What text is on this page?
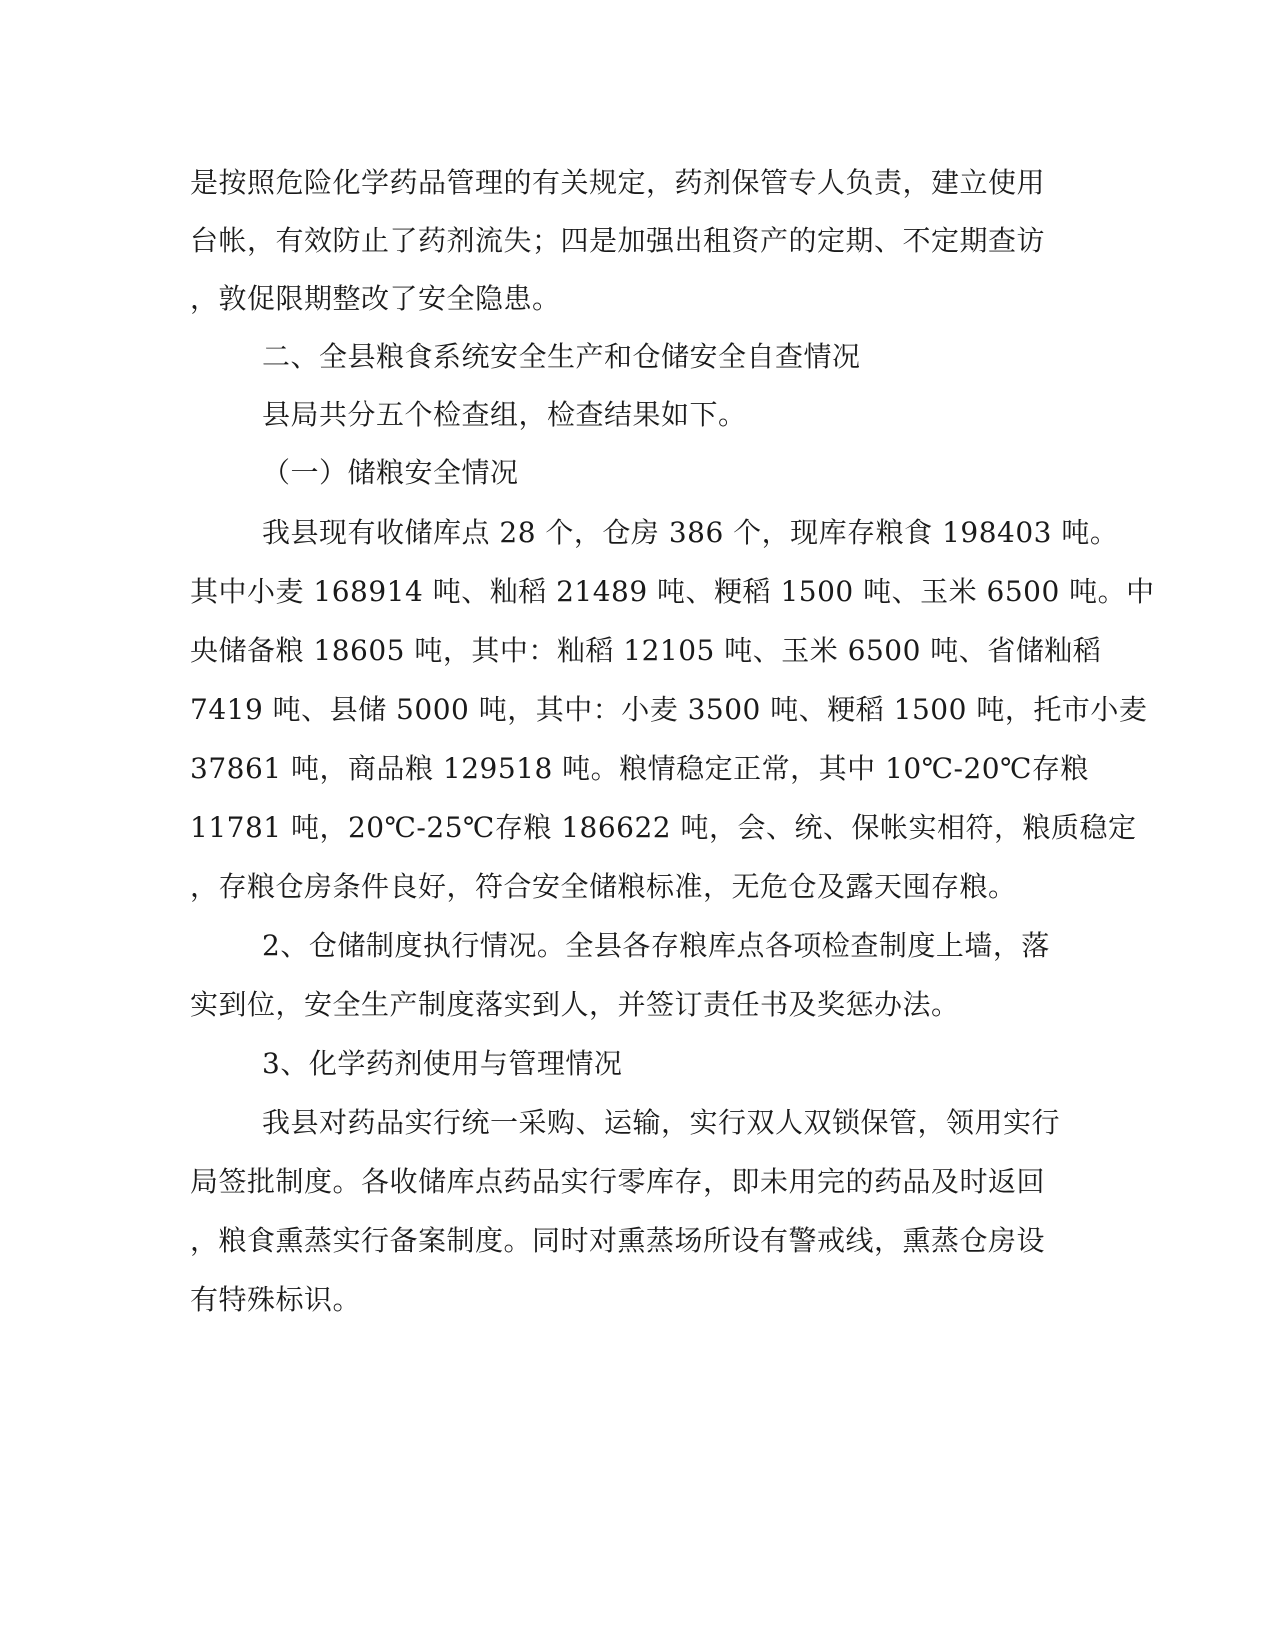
是按照危险化学药品管理的有关规定，药剂保管专人负责，建立使用
台帐，有效防止了药剂流失；四是加强出租资产的定期、不定期查访
，敦促限期整改了安全隐患。
二、全县粮食系统安全生产和仓储安全自查情况
县局共分五个检查组，检查结果如下。
（一）储粮安全情况
我县现有收储库点 28 个，仓房 386 个，现库存粮食 198403 吨。
其中小麦 168914 吨、籼稻 21489 吨、粳稻 1500 吨、玉米 6500 吨。中
央储备粮 18605 吨，其中：籼稻 12105 吨、玉米 6500 吨、省储籼稻
7419 吨、县储 5000 吨，其中：小麦 3500 吨、粳稻 1500 吨，托市小麦
37861 吨，商品粮 129518 吨。粮情稳定正常，其中 10℃-20℃存粮
11781 吨，20℃-25℃存粮 186622 吨，会、统、保帐实相符，粮质稳定
，存粮仓房条件良好，符合安全储粮标准，无危仓及露天囤存粮。
2、仓储制度执行情况。全县各存粮库点各项检查制度上墙，落
实到位，安全生产制度落实到人，并签订责任书及奖惩办法。
3、化学药剂使用与管理情况
我县对药品实行统一采购、运输，实行双人双锁保管，领用实行
局签批制度。各收储库点药品实行零库存，即未用完的药品及时返回
，粮食熏蒸实行备案制度。同时对熏蒸场所设有警戒线，熏蒸仓房设
有特殊标识。
